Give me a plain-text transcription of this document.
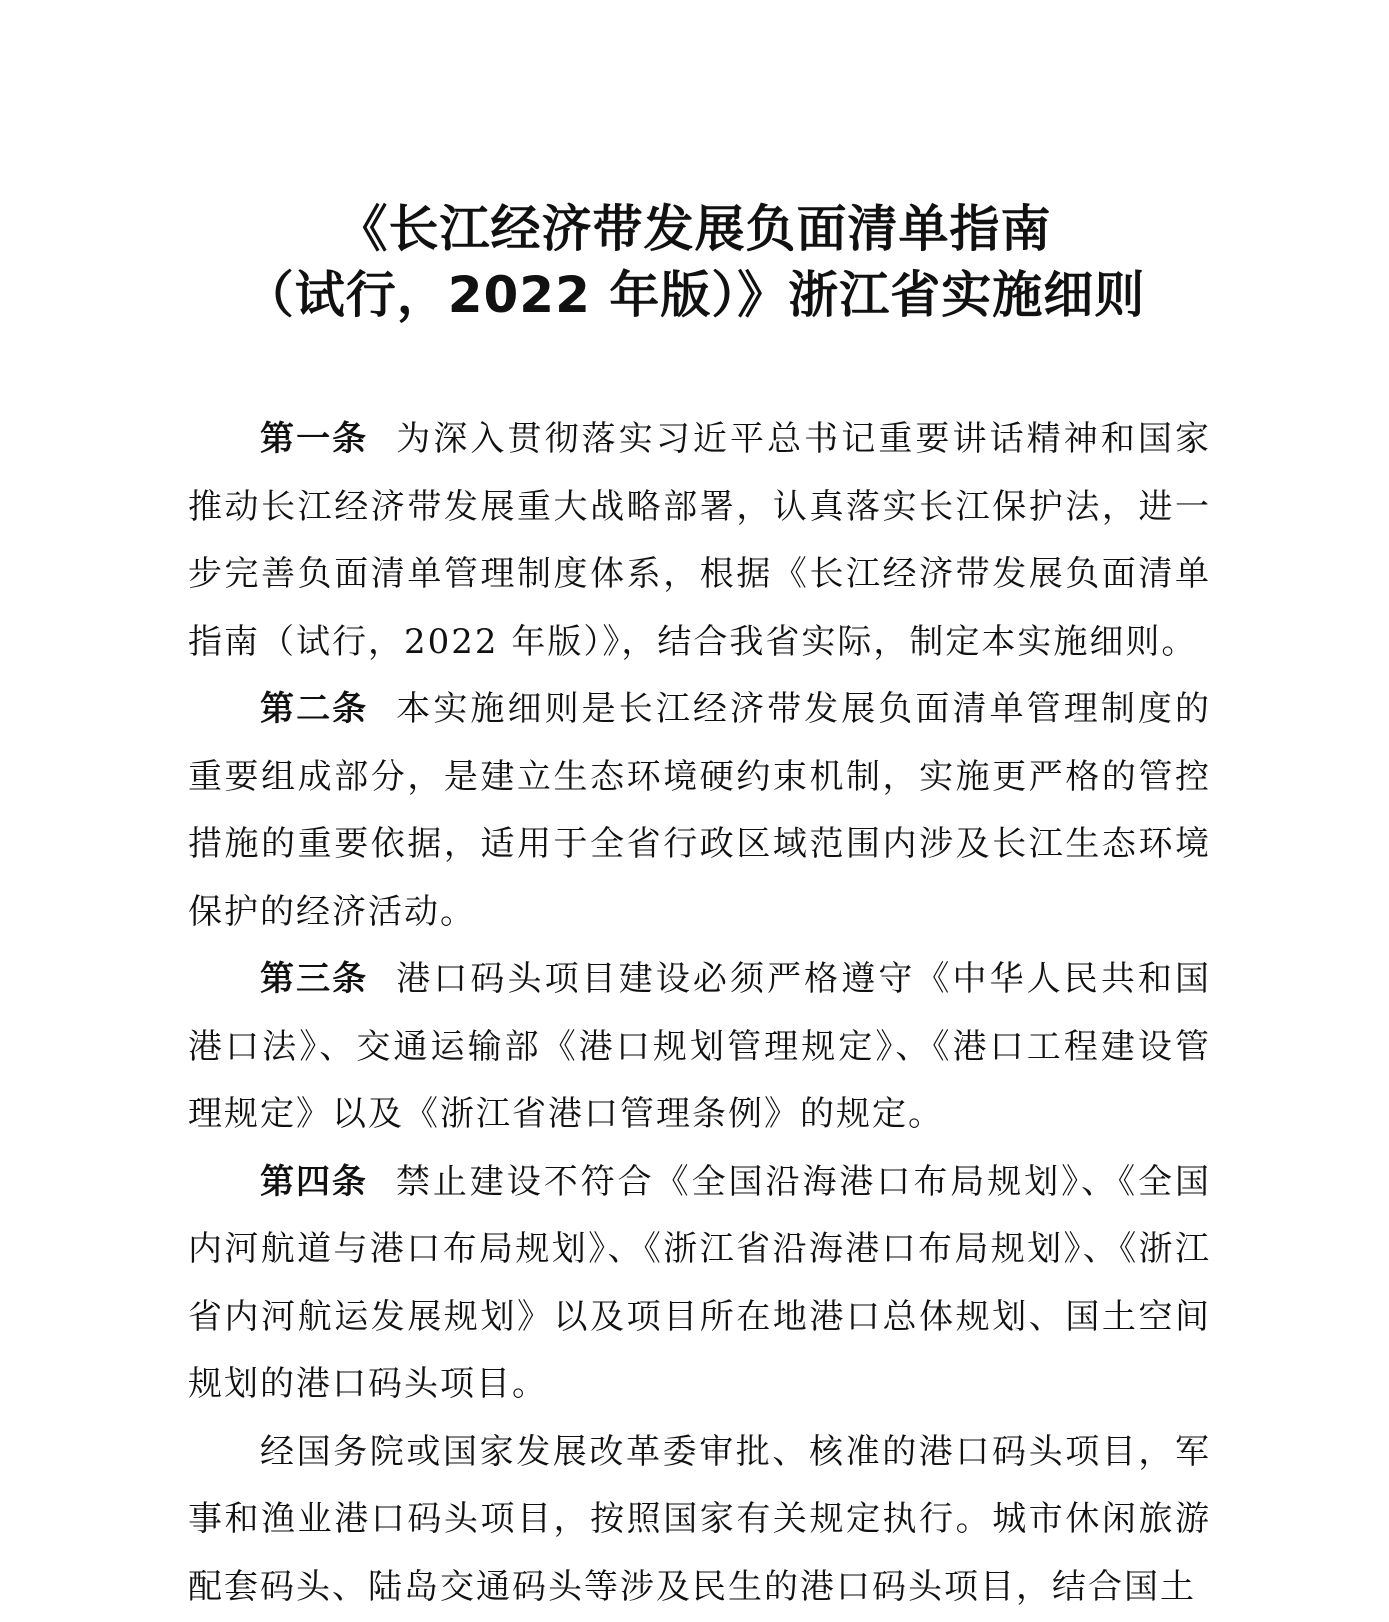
《长江经济带发展负面清单指南
（试行，2022 年版）》浙江省实施细则

第一条 为深入贯彻落实习近平总书记重要讲话精神和国家推动长江经济带发展重大战略部署，认真落实长江保护法，进一步完善负面清单管理制度体系，根据《长江经济带发展负面清单指南（试行，2022 年版）》，结合我省实际，制定本实施细则。

第二条 本实施细则是长江经济带发展负面清单管理制度的重要组成部分，是建立生态环境硬约束机制，实施更严格的管控措施的重要依据，适用于全省行政区域范围内涉及长江生态环境保护的经济活动。

第三条 港口码头项目建设必须严格遵守《中华人民共和国港口法》、交通运输部《港口规划管理规定》、《港口工程建设管理规定》以及《浙江省港口管理条例》的规定。

第四条 禁止建设不符合《全国沿海港口布局规划》、《全国内河航道与港口布局规划》、《浙江省沿海港口布局规划》、《浙江省内河航运发展规划》以及项目所在地港口总体规划、国土空间规划的港口码头项目。

经国务院或国家发展改革委审批、核准的港口码头项目，军事和渔业港口码头项目，按照国家有关规定执行。城市休闲旅游配套码头、陆岛交通码头等涉及民生的港口码头项目，结合国土
